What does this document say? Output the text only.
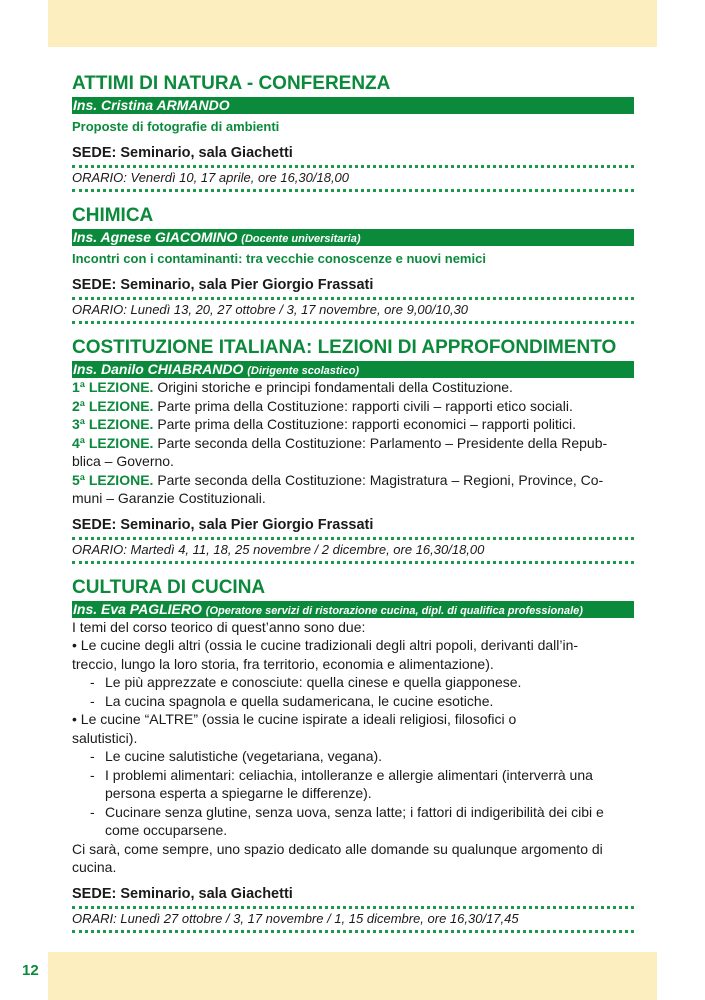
ATTIMI DI NATURA - CONFERENZA
Ins. Cristina ARMANDO
Proposte di fotografie di ambienti
SEDE: Seminario, sala Giachetti
ORARIO: Venerdì 10, 17 aprile, ore 16,30/18,00
CHIMICA
Ins. Agnese GIACOMINO (Docente universitaria)
Incontri con i contaminanti: tra vecchie conoscenze e nuovi nemici
SEDE: Seminario, sala Pier Giorgio Frassati
ORARIO: Lunedì 13, 20, 27 ottobre / 3, 17 novembre, ore 9,00/10,30
COSTITUZIONE ITALIANA: LEZIONI DI APPROFONDIMENTO
Ins. Danilo CHIABRANDO (Dirigente scolastico)
1ª LEZIONE. Origini storiche e principi fondamentali della Costituzione.
2ª LEZIONE. Parte prima della Costituzione: rapporti civili – rapporti etico sociali.
3ª LEZIONE. Parte prima della Costituzione: rapporti economici – rapporti politici.
4ª LEZIONE. Parte seconda della Costituzione: Parlamento – Presidente della Repub-
blica – Governo.
5ª LEZIONE. Parte seconda della Costituzione: Magistratura – Regioni, Province, Co-
muni – Garanzie Costituzionali.
SEDE: Seminario, sala Pier Giorgio Frassati
ORARIO: Martedì 4, 11, 18, 25 novembre / 2 dicembre, ore 16,30/18,00
CULTURA DI CUCINA
Ins. Eva PAGLIERO (Operatore servizi di ristorazione cucina, dipl. di qualifica professionale)
I temi del corso teorico di quest’anno sono due:
• Le cucine degli altri (ossia le cucine tradizionali degli altri popoli, derivanti dall’in-
treccio, lungo la loro storia, fra territorio, economia e alimentazione).
- Le più apprezzate e conosciute: quella cinese e quella giapponese.
- La cucina spagnola e quella sudamericana, le cucine esotiche.
• Le cucine “ALTRE” (ossia le cucine ispirate a ideali religiosi, filosofici o
salutistici).
- Le cucine salutistiche (vegetariana, vegana).
- I problemi alimentari: celiachia, intolleranze e allergie alimentari (interverrà una
persona esperta a spiegarne le differenze).
- Cucinare senza glutine, senza uova, senza latte; i fattori di indigeribilità dei cibi e
come occuparsene.
Ci sarà, come sempre, uno spazio dedicato alle domande su qualunque argomento di
cucina.
SEDE: Seminario, sala Giachetti
ORARI: Lunedì 27 ottobre / 3, 17 novembre / 1, 15 dicembre, ore 16,30/17,45
12
